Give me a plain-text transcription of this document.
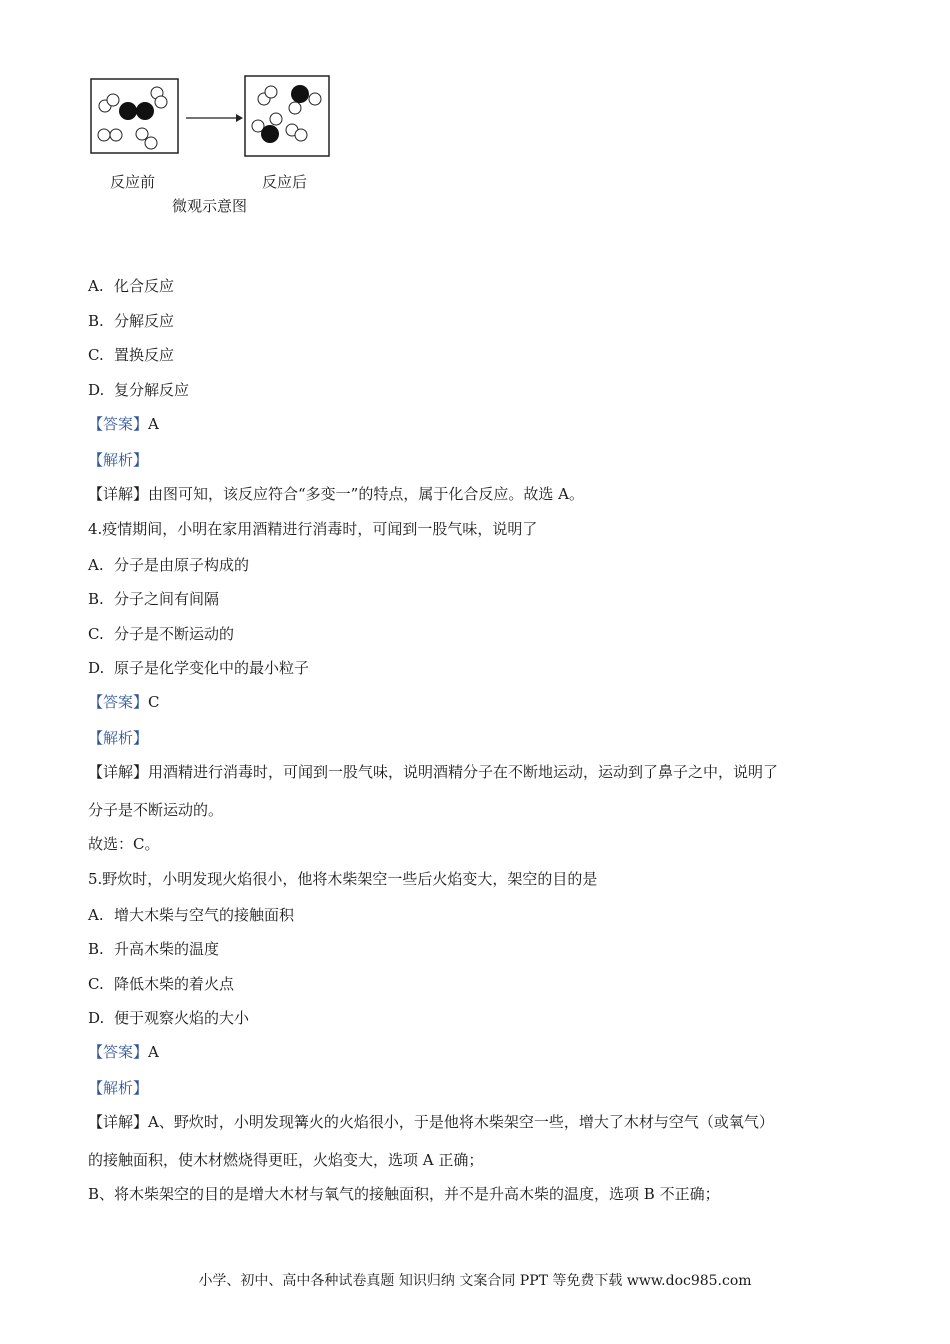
反应前	反应后
微观示意图
A. 化合反应
B. 分解反应
C. 置换反应
D. 复分解反应
【答案】A
【解析】
【详解】由图可知，该反应符合“多变一”的特点，属于化合反应。故选 A。
4.疫情期间，小明在家用酒精进行消毒时，可闻到一股气味，说明了
A. 分子是由原子构成的
B. 分子之间有间隔
C. 分子是不断运动的
D. 原子是化学变化中的最小粒子
【答案】C
【解析】
【详解】用酒精进行消毒时，可闻到一股气味，说明酒精分子在不断地运动，运动到了鼻子之中，说明了
分子是不断运动的。
故选：C。
5.野炊时，小明发现火焰很小，他将木柴架空一些后火焰变大，架空的目的是
A. 增大木柴与空气的接触面积
B. 升高木柴的温度
C. 降低木柴的着火点
D. 便于观察火焰的大小
【答案】A
【解析】
【详解】A、野炊时，小明发现篝火的火焰很小，于是他将木柴架空一些，增大了木材与空气（或氧气）
的接触面积，使木材燃烧得更旺，火焰变大，选项 A 正确；
B、将木柴架空的目的是增大木材与氧气的接触面积，并不是升高木柴的温度，选项 B 不正确；
小学、初中、高中各种试卷真题 知识归纳 文案合同 PPT 等免费下载 www.doc985.com
